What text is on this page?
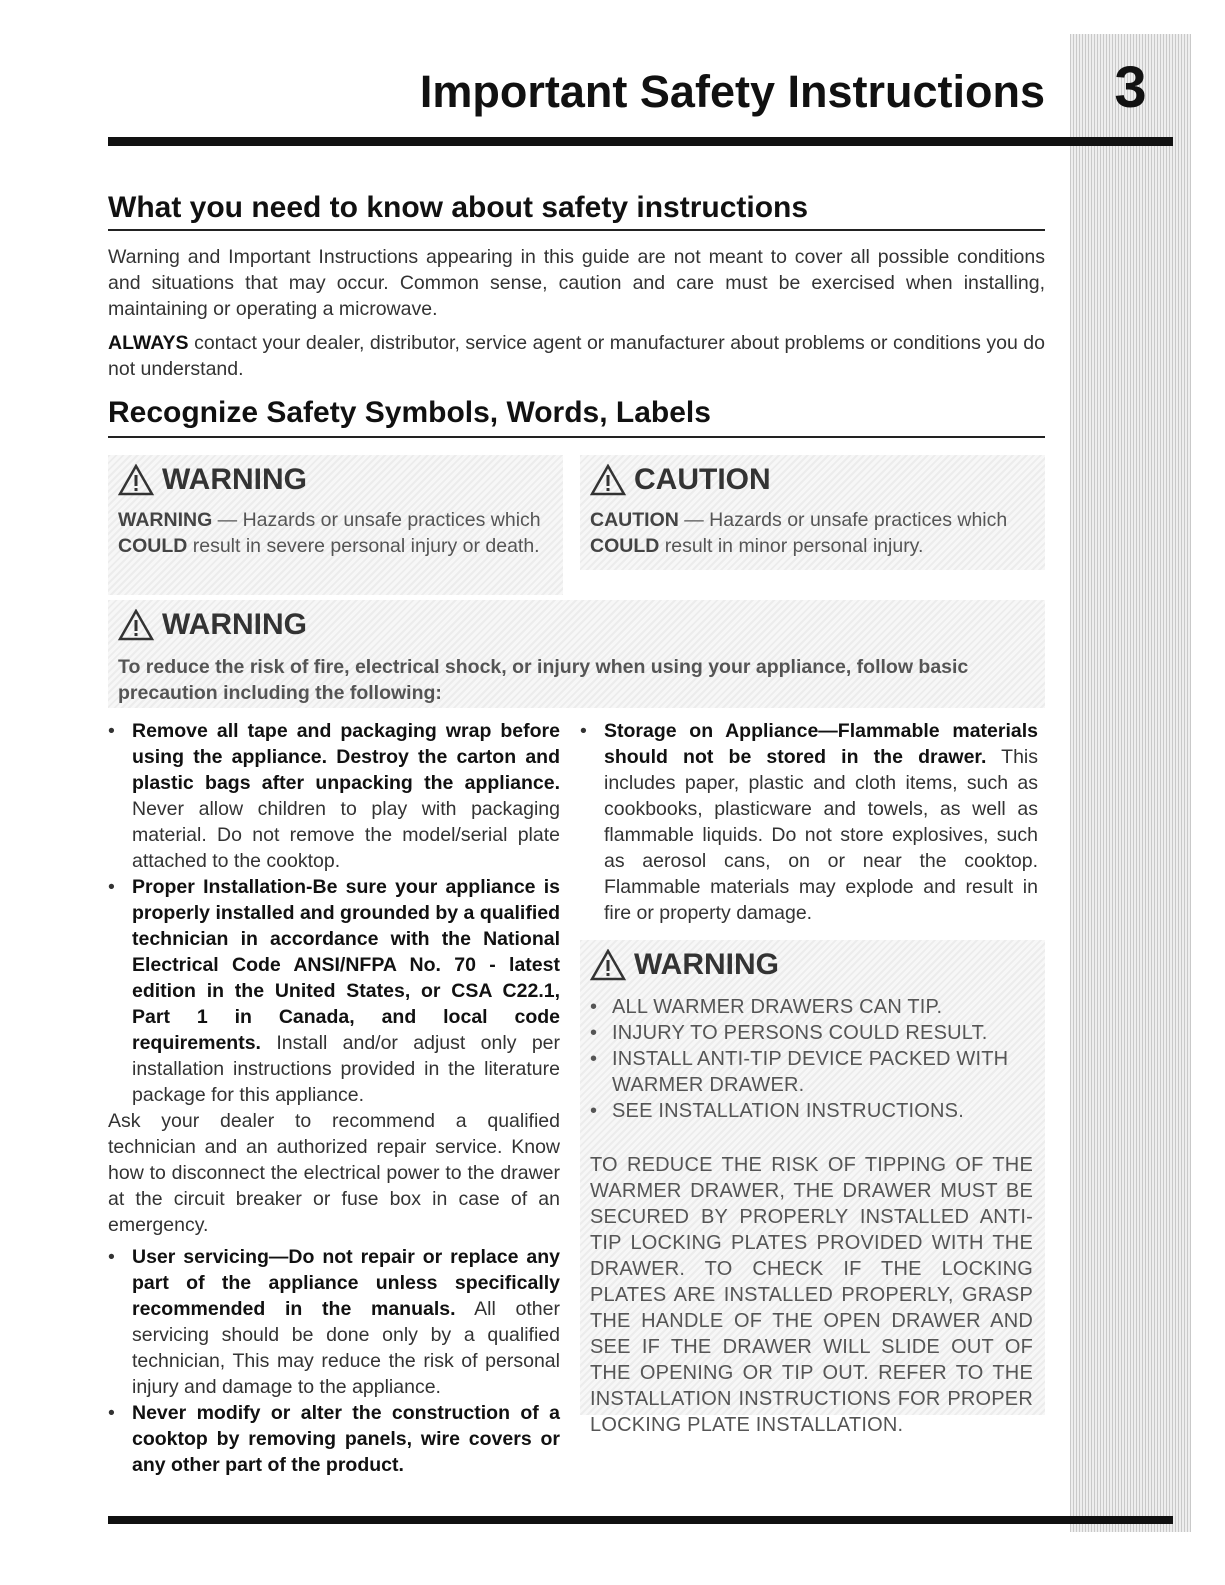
3
Important Safety Instructions
What you need to know about safety instructions

Warning and Important Instructions appearing in this guide are not meant to cover all possible conditions and situations that may occur. Common sense, caution and care must be exercised when installing, maintaining or operating a microwave.

ALWAYS contact your dealer, distributor, service agent or manufacturer about problems or conditions you do not understand.

Recognize Safety Symbols, Words, Labels
WARNING
WARNING — Hazards or unsafe practices which COULD result in severe personal injury or death.
CAUTION
CAUTION — Hazards or unsafe practices which COULD result in minor personal injury.
WARNING
To reduce the risk of fire, electrical shock, or injury when using your appliance, follow basic precaution including the following:
• Remove all tape and packaging wrap before using the appliance. Destroy the carton and plastic bags after unpacking the appliance. Never allow children to play with packaging material. Do not remove the model/serial plate attached to the cooktop.
• Proper Installation-Be sure your appliance is properly installed and grounded by a qualified technician in accordance with the National Electrical Code ANSI/NFPA No. 70 - latest edition in the United States, or CSA C22.1, Part 1 in Canada, and local code requirements. Install and/or adjust only per installation instructions provided in the literature package for this appliance.
Ask your dealer to recommend a qualified technician and an authorized repair service. Know how to disconnect the electrical power to the drawer at the circuit breaker or fuse box in case of an emergency.
• User servicing—Do not repair or replace any part of the appliance unless specifically recommended in the manuals. All other servicing should be done only by a qualified technician, This may reduce the risk of personal injury and damage to the appliance.
• Never modify or alter the construction of a cooktop by removing panels, wire covers or any other part of the product.
• Storage on Appliance—Flammable materials should not be stored in the drawer. This includes paper, plastic and cloth items, such as cookbooks, plasticware and towels, as well as flammable liquids. Do not store explosives, such as aerosol cans, on or near the cooktop. Flammable materials may explode and result in fire or property damage.
WARNING
• ALL WARMER DRAWERS CAN TIP.
• INJURY TO PERSONS COULD RESULT.
• INSTALL ANTI-TIP DEVICE PACKED WITH WARMER DRAWER.
• SEE INSTALLATION INSTRUCTIONS.
TO REDUCE THE RISK OF TIPPING OF THE WARMER DRAWER, THE DRAWER MUST BE SECURED BY PROPERLY INSTALLED ANTI-TIP LOCKING PLATES PROVIDED WITH THE DRAWER. TO CHECK IF THE LOCKING PLATES ARE INSTALLED PROPERLY, GRASP THE HANDLE OF THE OPEN DRAWER AND SEE IF THE DRAWER WILL SLIDE OUT OF THE OPENING OR TIP OUT. REFER TO THE INSTALLATION INSTRUCTIONS FOR PROPER LOCKING PLATE INSTALLATION.
